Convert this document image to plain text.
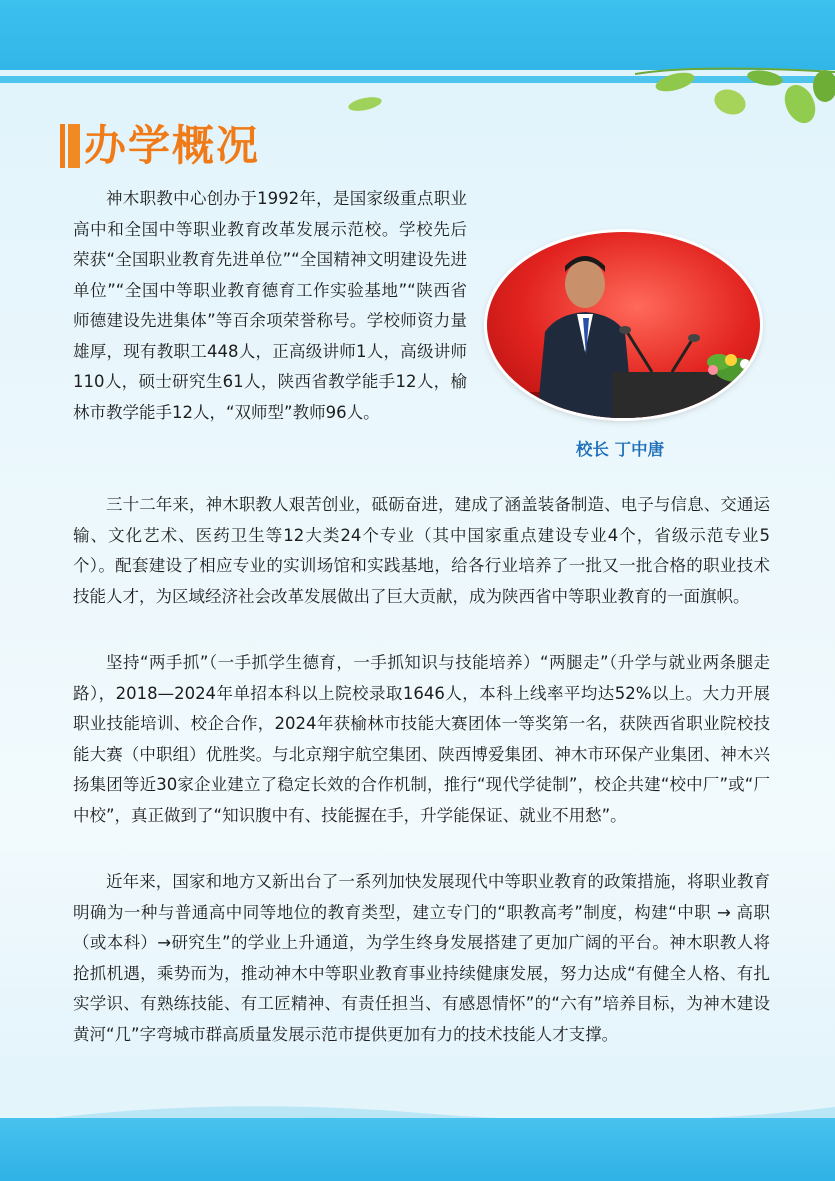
办学概况

神木职教中心创办于1992年，是国家级重点职业高中和全国中等职业教育改革发展示范校。学校先后荣获“全国职业教育先进单位”“全国精神文明建设先进单位”“全国中等职业教育德育工作实验基地”“陕西省师德建设先进集体”等百余项荣誉称号。学校师资力量雄厚，现有教职工448人，正高级讲师1人，高级讲师110人，硕士研究生61人，陕西省教学能手12人，榆林市教学能手12人，“双师型”教师96人。

校长 丁中唐

三十二年来，神木职教人艰苦创业，砥砺奋进，建成了涵盖装备制造、电子与信息、交通运输、文化艺术、医药卫生等12大类24个专业（其中国家重点建设专业4个，省级示范专业5个）。配套建设了相应专业的实训场馆和实践基地，给各行业培养了一批又一批合格的职业技术技能人才，为区域经济社会改革发展做出了巨大贡献，成为陕西省中等职业教育的一面旗帜。

坚持“两手抓”（一手抓学生德育，一手抓知识与技能培养）“两腿走”（升学与就业两条腿走路），2018—2024年单招本科以上院校录取1646人，本科上线率平均达52%以上。大力开展职业技能培训、校企合作，2024年获榆林市技能大赛团体一等奖第一名，获陕西省职业院校技能大赛（中职组）优胜奖。与北京翔宇航空集团、陕西博爱集团、神木市环保产业集团、神木兴扬集团等近30家企业建立了稳定长效的合作机制，推行“现代学徒制”，校企共建“校中厂”或“厂中校”，真正做到了“知识腹中有、技能握在手，升学能保证、就业不用愁”。

近年来，国家和地方又新出台了一系列加快发展现代中等职业教育的政策措施，将职业教育明确为一种与普通高中同等地位的教育类型，建立专门的“职教高考”制度，构建“中职 → 高职（或本科）→研究生”的学业上升通道，为学生终身发展搭建了更加广阔的平台。神木职教人将抢抓机遇，乘势而为，推动神木中等职业教育事业持续健康发展，努力达成“有健全人格、有扎实学识、有熟练技能、有工匠精神、有责任担当、有感恩情怀”的“六有”培养目标，为神木建设黄河“几”字弯城市群高质量发展示范市提供更加有力的技术技能人才支撑。
